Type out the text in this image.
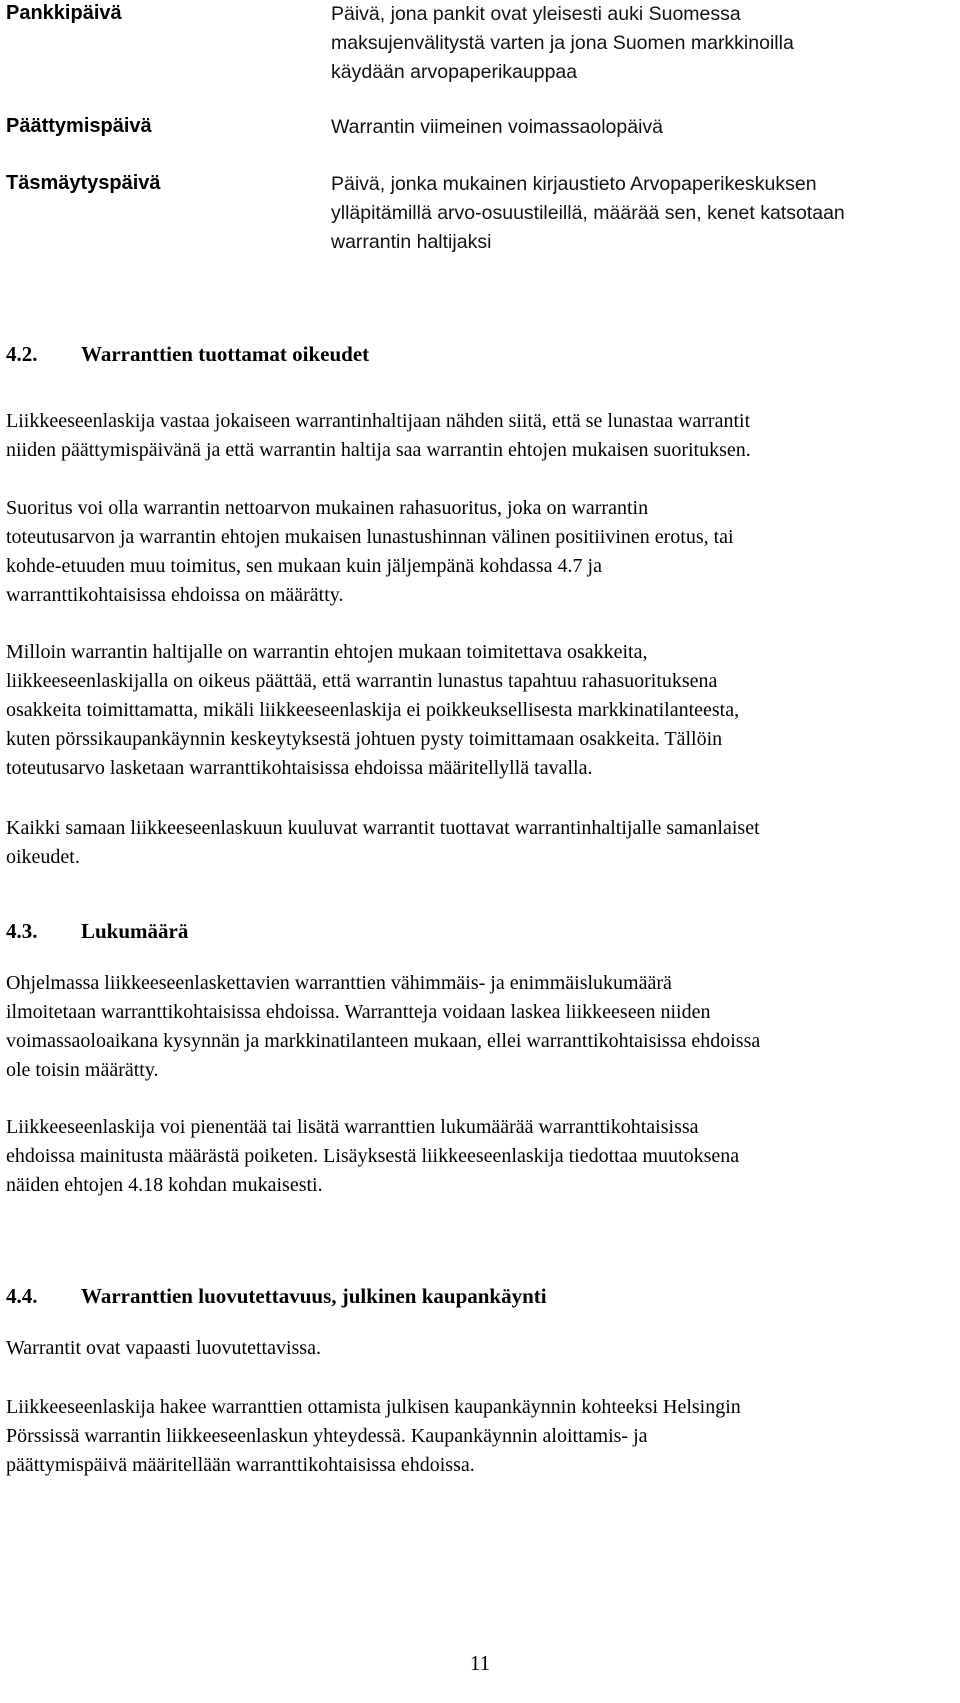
Pankkipäivä	Päivä, jona pankit ovat yleisesti auki Suomessa
maksujenvälitystä varten ja jona Suomen markkinoilla
käydään arvopaperikauppaa
Päättymispäivä	Warrantin viimeinen voimassaolopäivä
Täsmäytyspäivä	Päivä, jonka mukainen kirjaustieto Arvopaperikeskuksen
ylläpitämillä arvo-osuustileillä, määrää sen, kenet katsotaan
warrantin haltijaksi
4.2.	Warranttien tuottamat oikeudet
Liikkeeseenlaskija vastaa jokaiseen warrantinhaltijaan nähden siitä, että se lunastaa warrantit
niiden päättymispäivänä ja että warrantin haltija saa warrantin ehtojen mukaisen suorituksen.
Suoritus voi olla warrantin nettoarvon mukainen rahasuoritus, joka on warrantin
toteutusarvon ja warrantin ehtojen mukaisen lunastushinnan välinen positiivinen erotus, tai
kohde-etuuden muu toimitus, sen mukaan kuin jäljempänä kohdassa 4.7 ja
warranttikohtaisissa ehdoissa on määrätty.
Milloin warrantin haltijalle on warrantin ehtojen mukaan toimitettava osakkeita,
liikkeeseenlaskijalla on oikeus päättää, että warrantin lunastus tapahtuu rahasuorituksena
osakkeita toimittamatta, mikäli liikkeeseenlaskija ei poikkeuksellisesta markkinatilanteesta,
kuten pörssikaupankäynnin keskeytyksestä johtuen pysty toimittamaan osakkeita. Tällöin
toteutusarvo lasketaan warranttikohtaisissa ehdoissa määritellyllä tavalla.
Kaikki samaan liikkeeseenlaskuun kuuluvat warrantit tuottavat warrantinhaltijalle samanlaiset
oikeudet.
4.3.	Lukumäärä
Ohjelmassa liikkeeseenlaskettavien warranttien vähimmäis- ja enimmäislukumäärä
ilmoitetaan warranttikohtaisissa ehdoissa. Warrantteja voidaan laskea liikkeeseen niiden
voimassaoloaikana kysynnän ja markkinatilanteen mukaan, ellei warranttikohtaisissa ehdoissa
ole toisin määrätty.
Liikkeeseenlaskija voi pienentää tai lisätä warranttien lukumäärää warranttikohtaisissa
ehdoissa mainitusta määrästä poiketen. Lisäyksestä liikkeeseenlaskija tiedottaa muutoksena
näiden ehtojen 4.18 kohdan mukaisesti.
4.4.	Warranttien luovutettavuus, julkinen kaupankäynti
Warrantit ovat vapaasti luovutettavissa.
Liikkeeseenlaskija hakee warranttien ottamista julkisen kaupankäynnin kohteeksi Helsingin
Pörssissä warrantin liikkeeseenlaskun yhteydessä. Kaupankäynnin aloittamis- ja
päättymispäivä määritellään warranttikohtaisissa ehdoissa.
11
